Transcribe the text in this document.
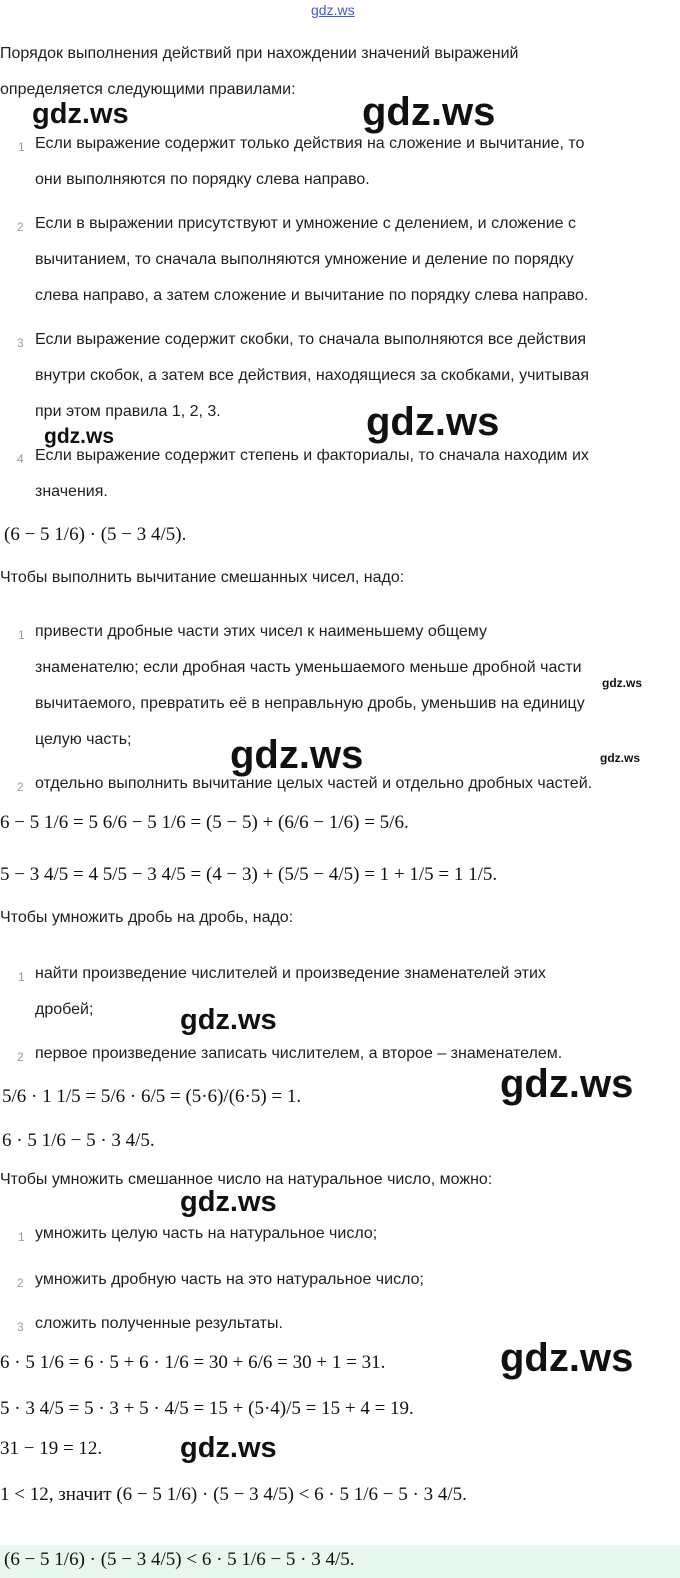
gdz.ws
gdz.ws	gdz.ws
gdz.ws
gdz.ws
gdz.ws
gdz.ws	gdz.ws
gdz.ws
gdz.ws
gdz.ws
gdz.ws
gdz.ws
Порядок выполнения действий при нахождении значений выражений
определяется следующими правилами:
1 Если выражение содержит только действия на сложение и вычитание, то
они выполняются по порядку слева направо.
2 Если в выражении присутствуют и умножение с делением, и сложение с
вычитанием, то сначала выполняются умножение и деление по порядку
слева направо, а затем сложение и вычитание по порядку слева направо.
3 Если выражение содержит скобки, то сначала выполняются все действия
внутри скобок, а затем все действия, находящиеся за скобками, учитывая
при этом правила 1, 2, 3.
4 Если выражение содержит степень и факториалы, то сначала находим их
значения.
(6 − 5 1/6) · (5 − 3 4/5).
Чтобы выполнить вычитание смешанных чисел, надо:
1 привести дробные части этих чисел к наименьшему общему
знаменателю; если дробная часть уменьшаемого меньше дробной части
вычитаемого, превратить её в неправльную дробь, уменьшив на единицу
целую часть;
2 отдельно выполнить вычитание целых частей и отдельно дробных частей.
6 − 5 1/6 = 5 6/6 − 5 1/6 = (5 − 5) + (6/6 − 1/6) = 5/6.
5 − 3 4/5 = 4 5/5 − 3 4/5 = (4 − 3) + (5/5 − 4/5) = 1 + 1/5 = 1 1/5.
Чтобы умножить дробь на дробь, надо:
1 найти произведение числителей и произведение знаменателей этих
дробей;
2 первое произведение записать числителем, а второе – знаменателем.
5/6 · 1 1/5 = 5/6 · 6/5 = (5·6)/(6·5) = 1.
6 · 5 1/6 − 5 · 3 4/5.
Чтобы умножить смешанное число на натуральное число, можно:
1 умножить целую часть на натуральное число;
2 умножить дробную часть на это натуральное число;
3 сложить полученные результаты.
6 · 5 1/6 = 6 · 5 + 6 · 1/6 = 30 + 6/6 = 30 + 1 = 31.
5 · 3 4/5 = 5 · 3 + 5 · 4/5 = 15 + (5·4)/5 = 15 + 4 = 19.
31 − 19 = 12.
1 < 12, значит (6 − 5 1/6) · (5 − 3 4/5) < 6 · 5 1/6 − 5 · 3 4/5.
(6 − 5 1/6) · (5 − 3 4/5) < 6 · 5 1/6 − 5 · 3 4/5.
